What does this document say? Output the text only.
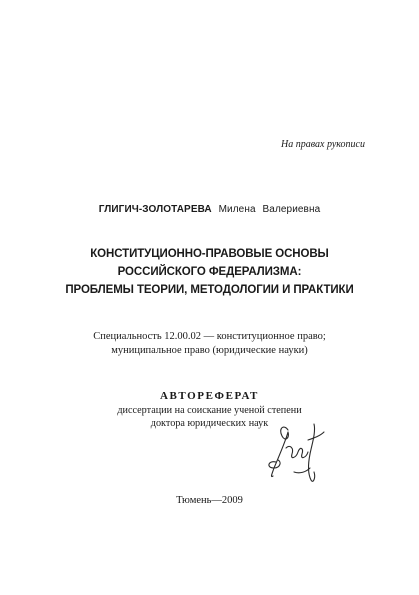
На правах рукописи
ГЛИГИЧ-ЗОЛОТАРЕВА Милена Валериевна
КОНСТИТУЦИОННО-ПРАВОВЫЕ ОСНОВЫ
РОССИЙСКОГО ФЕДЕРАЛИЗМА:
ПРОБЛЕМЫ ТЕОРИИ, МЕТОДОЛОГИИ И ПРАКТИКИ
Специальность 12.00.02 — конституционное право;
муниципальное право (юридические науки)
АВТОРЕФЕРАТ
диссертации на соискание ученой степени
доктора юридических наук
Тюмень—2009
